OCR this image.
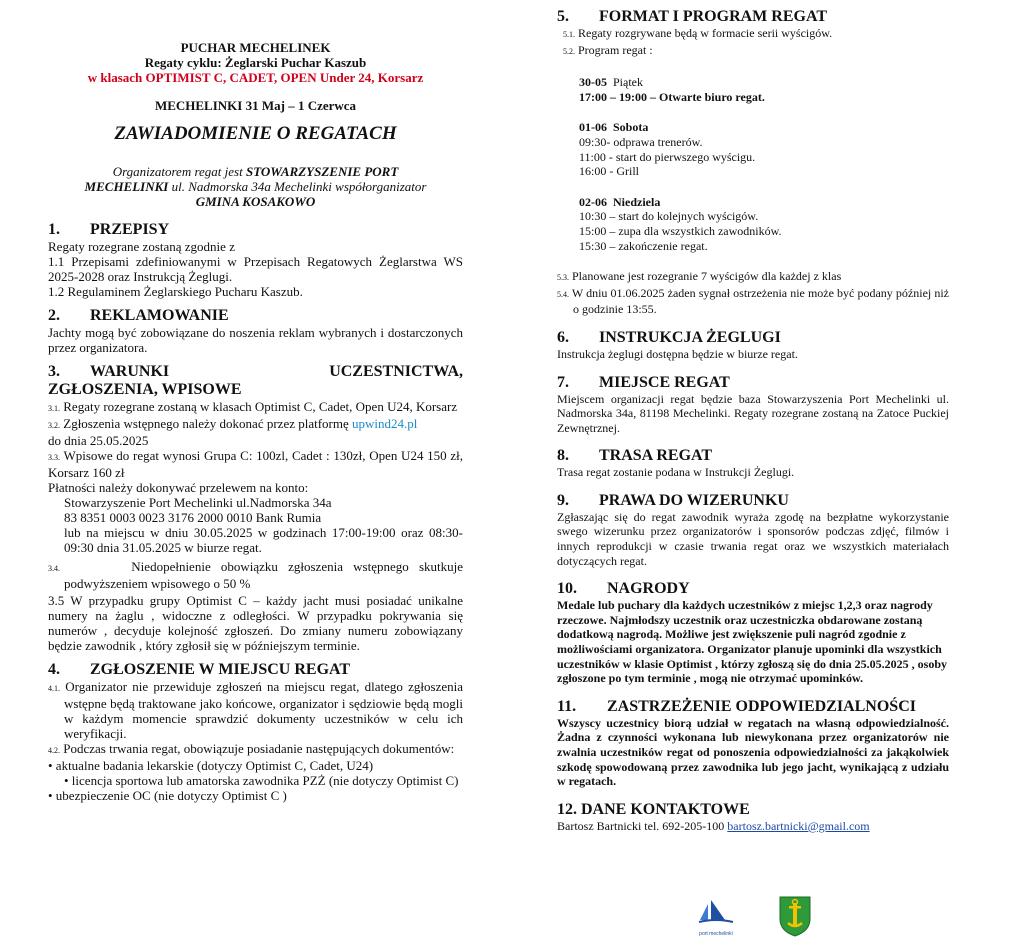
PUCHAR MECHELINEK

Regaty cyklu: Żeglarski Puchar Kaszub

w klasach OPTIMIST C, CADET, OPEN Under 24, Korsarz

MECHELINKI 31 Maj – 1 Czerwca

ZAWIADOMIENIE O REGATACH

Organizatorem regat jest STOWARZYSZENIE PORT
MECHELINKI ul. Nadmorska 34a Mechelinki współorganizator
GMINA KOSAKOWO

1. PRZEPISY

Regaty rozegrane zostaną zgodnie z

1.1 Przepisami zdefiniowanymi w Przepisach Regatowych Żeglarstwa WS 2025-2028 oraz Instrukcją Żeglugi.

1.2 Regulaminem Żeglarskiego Pucharu Kaszub.

2. REKLAMOWANIE

Jachty mogą być zobowiązane do noszenia reklam wybranych i dostarczonych przez organizatora.

3. WARUNKI	UCZESTNICTWA,

ZGŁOSZENIA, WPISOWE

3.1. Regaty rozegrane zostaną w klasach Optimist C, Cadet, Open U24, Korsarz

3.2. Zgłoszenia wstępnego należy dokonać przez platformę upwind24.pl
do dnia 25.05.2025

3.3. Wpisowe do regat wynosi Grupa C: 100zl, Cadet : 130zł, Open U24 150 zł, Korsarz 160 zł

Płatności należy dokonywać przelewem na konto:

Stowarzyszenie Port Mechelinki ul.Nadmorska 34a

83 8351 0003 0023 3176 2000 0010 Bank Rumia

lub na miejscu w dniu 30.05.2025 w godzinach 17:00-19:00 oraz 08:30-09:30 dnia 31.05.2025 w biurze regat.

3.4.	Niedopełnienie obowiązku zgłoszenia wstępnego skutkuje podwyższeniem wpisowego o 50 %

3.5 W przypadku grupy Optimist C – każdy jacht musi posiadać unikalne numery na żaglu , widoczne z odległości. W przypadku pokrywania się numerów , decyduje kolejność zgłoszeń. Do zmiany numeru zobowiązany będzie zawodnik , który zgłosił się w późniejszym terminie.

4. ZGŁOSZENIE W MIEJSCU REGAT

4.1. Organizator nie przewiduje zgłoszeń na miejscu regat, dlatego zgłoszenia wstępne będą traktowane jako końcowe, organizator i sędziowie będą mogli w każdym momencie sprawdzić dokumenty uczestników w celu ich weryfikacji.

4.2. Podczas trwania regat, obowiązuje posiadanie następujących dokumentów:

• aktualne badania lekarskie (dotyczy Optimist C, Cadet, U24)

• licencja sportowa lub amatorska zawodnika PZŻ (nie dotyczy Optimist C)

• ubezpieczenie OC (nie dotyczy Optimist C )

5. FORMAT I PROGRAM REGAT

5.1. Regaty rozgrywane będą w formacie serii wyścigów.

5.2. Program regat :

30-05 Piątek

17:00 – 19:00 – Otwarte biuro regat.

01-06 Sobota

09:30- odprawa trenerów.

11:00 - start do pierwszego wyścigu.

16:00 - Grill

02-06 Niedziela

10:30 – start do kolejnych wyścigów.

15:00 – zupa dla wszystkich zawodników.

15:30 – zakończenie regat.

5.3. Planowane jest rozegranie 7 wyścigów dla każdej z klas

5.4. W dniu 01.06.2025 żaden sygnał ostrzeżenia nie może być podany później niż o godzinie 13:55.

6. INSTRUKCJA ŻEGLUGI

Instrukcja żeglugi dostępna będzie w biurze regat.

7. MIEJSCE REGAT

Miejscem organizacji regat będzie baza Stowarzyszenia Port Mechelinki ul. Nadmorska 34a, 81198 Mechelinki. Regaty rozegrane zostaną na Zatoce Puckiej Zewnętrznej.

8. TRASA REGAT

Trasa regat zostanie podana w Instrukcji Żeglugi.

9. PRAWA DO WIZERUNKU

Zgłaszając się do regat zawodnik wyraża zgodę na bezpłatne wykorzystanie swego wizerunku przez organizatorów i sponsorów podczas zdjęć, filmów i innych reprodukcji w czasie trwania regat oraz we wszystkich materiałach dotyczących regat.

10. NAGRODY

Medale lub puchary dla każdych uczestników z miejsc 1,2,3 oraz nagrody rzeczowe. Najmłodszy uczestnik oraz uczestniczka obdarowane zostaną dodatkową nagrodą. Możliwe jest zwiększenie puli nagród zgodnie z możliwościami organizatora. Organizator planuje upominki dla wszystkich uczestników w klasie Optimist , którzy zgłoszą się do dnia 25.05.2025 , osoby zgłoszone po tym terminie , mogą nie otrzymać upominków.

11. ZASTRZEŻENIE ODPOWIEDZIALNOŚCI

Wszyscy uczestnicy biorą udział w regatach na własną odpowiedzialność. Żadna z czynności wykonana lub niewykonana przez organizatorów nie zwalnia uczestników regat od ponoszenia odpowiedzialności za jakąkolwiek szkodę spowodowaną przez zawodnika lub jego jacht, wynikającą z udziału w regatach.

12. DANE KONTAKTOWE

Bartosz Bartnicki tel. 692-205-100 bartosz.bartnicki@gmail.com

port mechelinki
